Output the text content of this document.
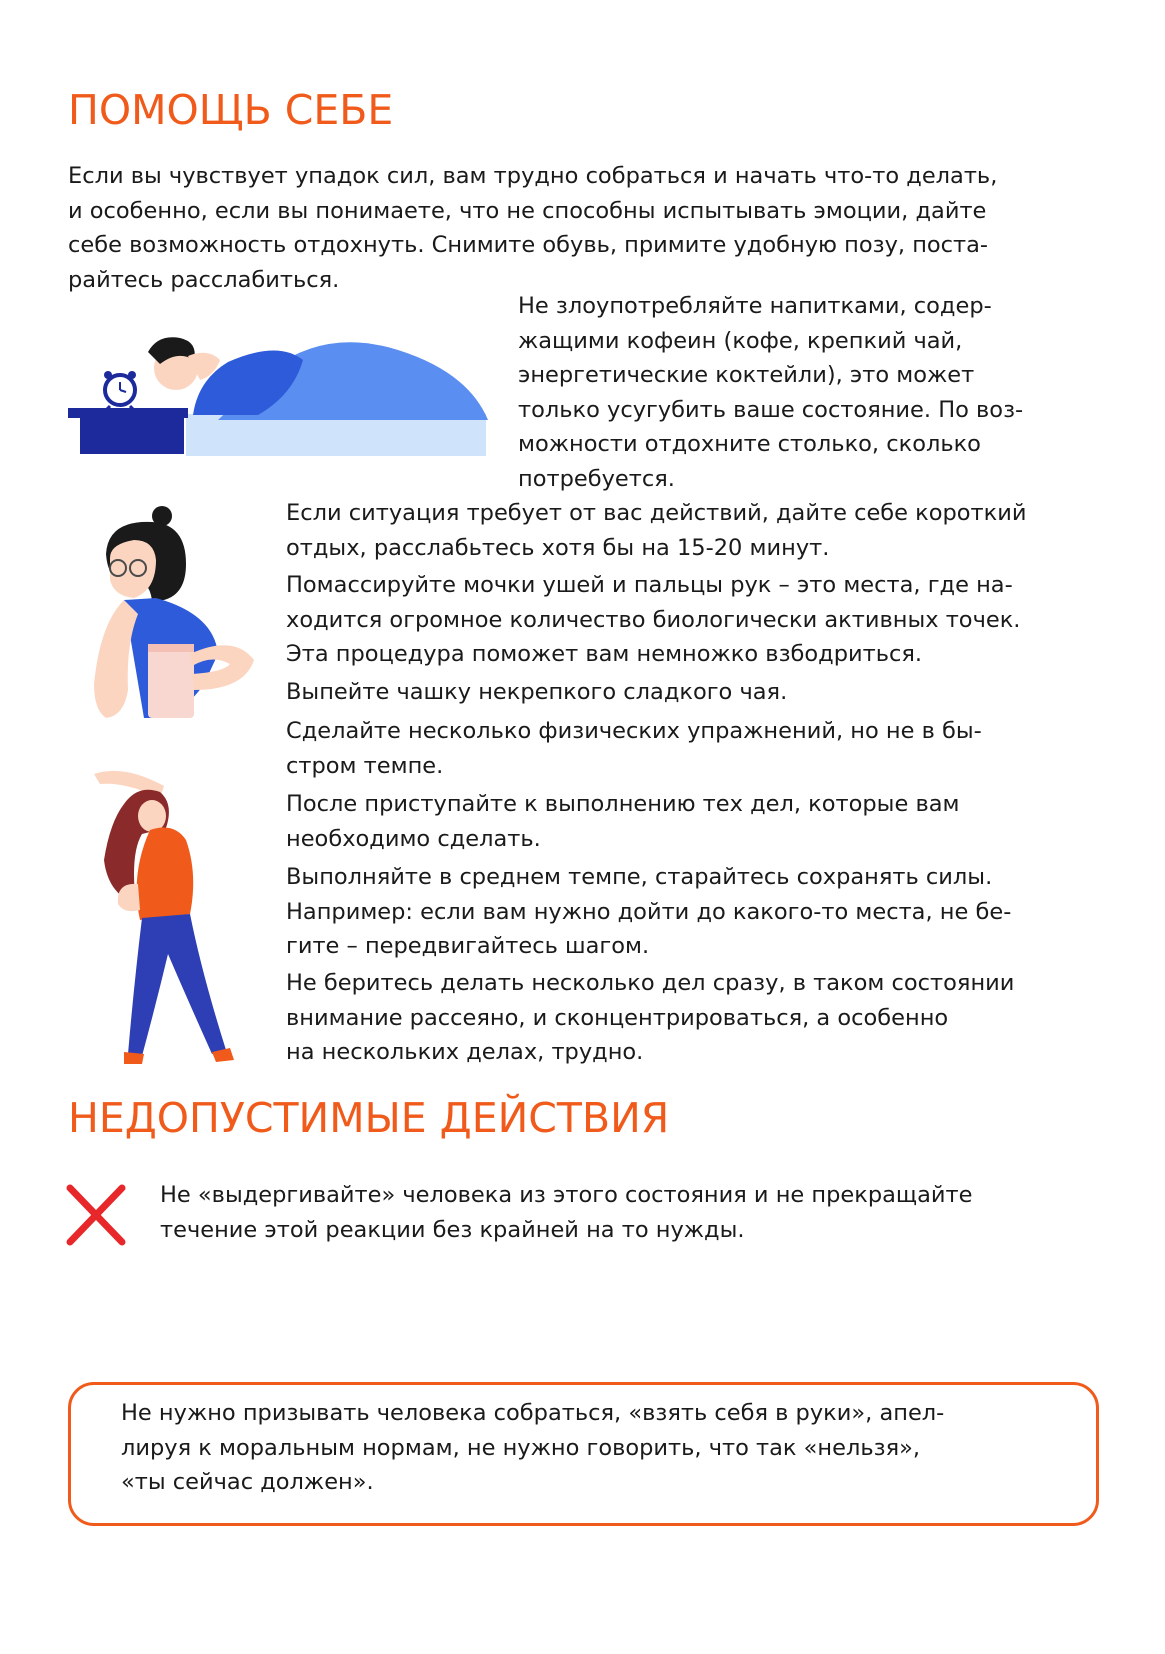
ПОМОЩЬ СЕБЕ

Если вы чувствует упадок сил, вам трудно собраться и начать что-то делать,
и особенно, если вы понимаете, что не способны испытывать эмоции, дайте
себе возможность отдохнуть. Снимите обувь, примите удобную позу, поста-
райтесь расслабиться.

Не злоупотребляйте напитками, содер-
жащими кофеин (кофе, крепкий чай,
энергетические коктейли), это может
только усугубить ваше состояние. По воз-
можности отдохните столько, сколько
потребуется.

Если ситуация требует от вас действий, дайте себе короткий
отдых, расслабьтесь хотя бы на 15-20 минут.

Помассируйте мочки ушей и пальцы рук – это места, где на-
ходится огромное количество биологически активных точек.
Эта процедура поможет вам немножко взбодриться.

Выпейте чашку некрепкого сладкого чая.

Сделайте несколько физических упражнений, но не в бы-
стром темпе.

После приступайте к выполнению тех дел, которые вам
необходимо сделать.

Выполняйте в среднем темпе, старайтесь сохранять силы.
Например: если вам нужно дойти до какого-то места, не бе-
гите – передвигайтесь шагом.

Не беритесь делать несколько дел сразу, в таком состоянии
внимание рассеяно, и сконцентрироваться, а особенно
на нескольких делах, трудно.

НЕДОПУСТИМЫЕ ДЕЙСТВИЯ

Не «выдергивайте» человека из этого состояния и не прекращайте
течение этой реакции без крайней на то нужды.

Не нужно призывать человека собраться, «взять себя в руки», апел-
лируя к моральным нормам, не нужно говорить, что так «нельзя»,
«ты сейчас должен».
